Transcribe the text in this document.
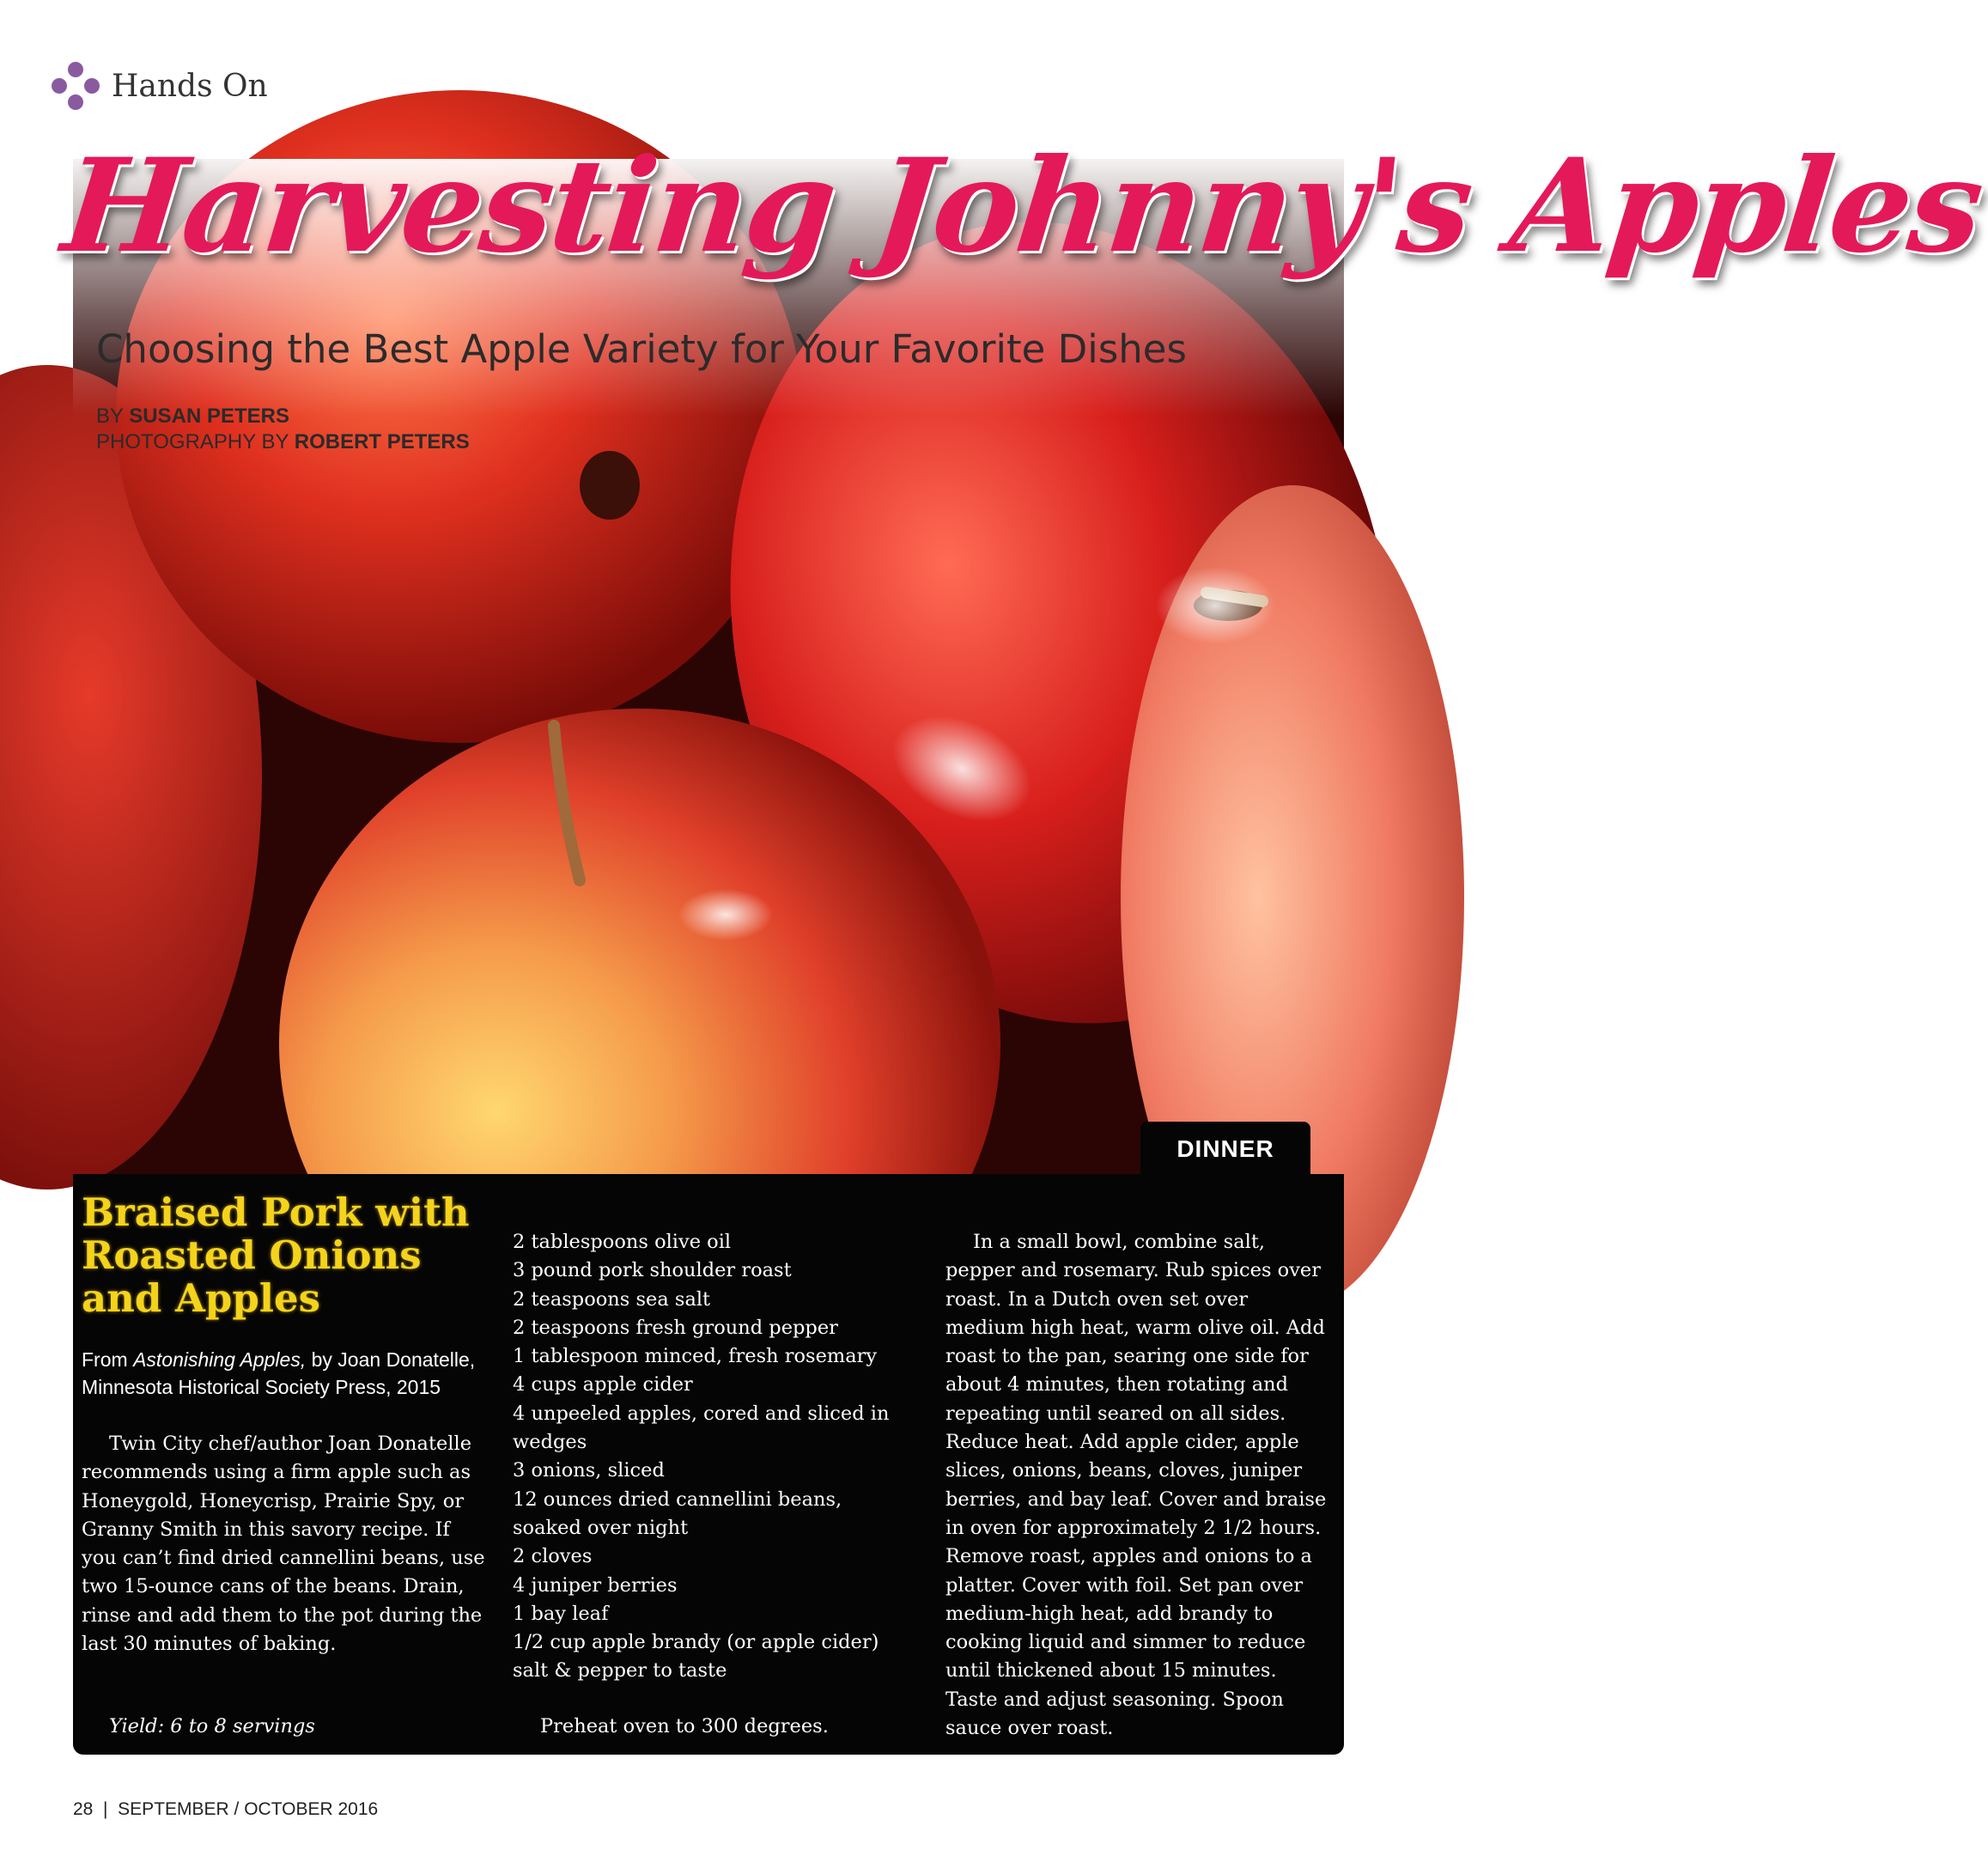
Hands On
Harvesting Johnny's Apples
Choosing the Best Apple Variety for Your Favorite Dishes
BY SUSAN PETERS
PHOTOGRAPHY BY ROBERT PETERS
DINNER
Braised Pork with Roasted Onions and Apples
From Astonishing Apples, by Joan Donatelle,
Minnesota Historical Society Press, 2015

Twin City chef/author Joan Donatelle recommends using a firm apple such as Honeygold, Honeycrisp, Prairie Spy, or Granny Smith in this savory recipe. If you can’t find dried cannellini beans, use two 15-ounce cans of the beans. Drain, rinse and add them to the pot during the last 30 minutes of baking.

Yield: 6 to 8 servings
2 tablespoons olive oil
3 pound pork shoulder roast
2 teaspoons sea salt
2 teaspoons fresh ground pepper
1 tablespoon minced, fresh rosemary
4 cups apple cider
4 unpeeled apples, cored and sliced in wedges
3 onions, sliced
12 ounces dried cannellini beans, soaked over night
2 cloves
4 juniper berries
1 bay leaf
1/2 cup apple brandy (or apple cider)
salt & pepper to taste
Preheat oven to 300 degrees.

In a small bowl, combine salt, pepper and rosemary. Rub spices over roast. In a Dutch oven set over medium high heat, warm olive oil. Add roast to the pan, searing one side for about 4 minutes, then rotating and repeating until seared on all sides. Reduce heat. Add apple cider, apple slices, onions, beans, cloves, juniper berries, and bay leaf. Cover and braise in oven for approximately 2 1/2 hours. Remove roast, apples and onions to a platter. Cover with foil. Set pan over medium-high heat, add brandy to cooking liquid and simmer to reduce until thickened about 15 minutes. Taste and adjust seasoning. Spoon sauce over roast.

28 | SEPTEMBER / OCTOBER 2016
